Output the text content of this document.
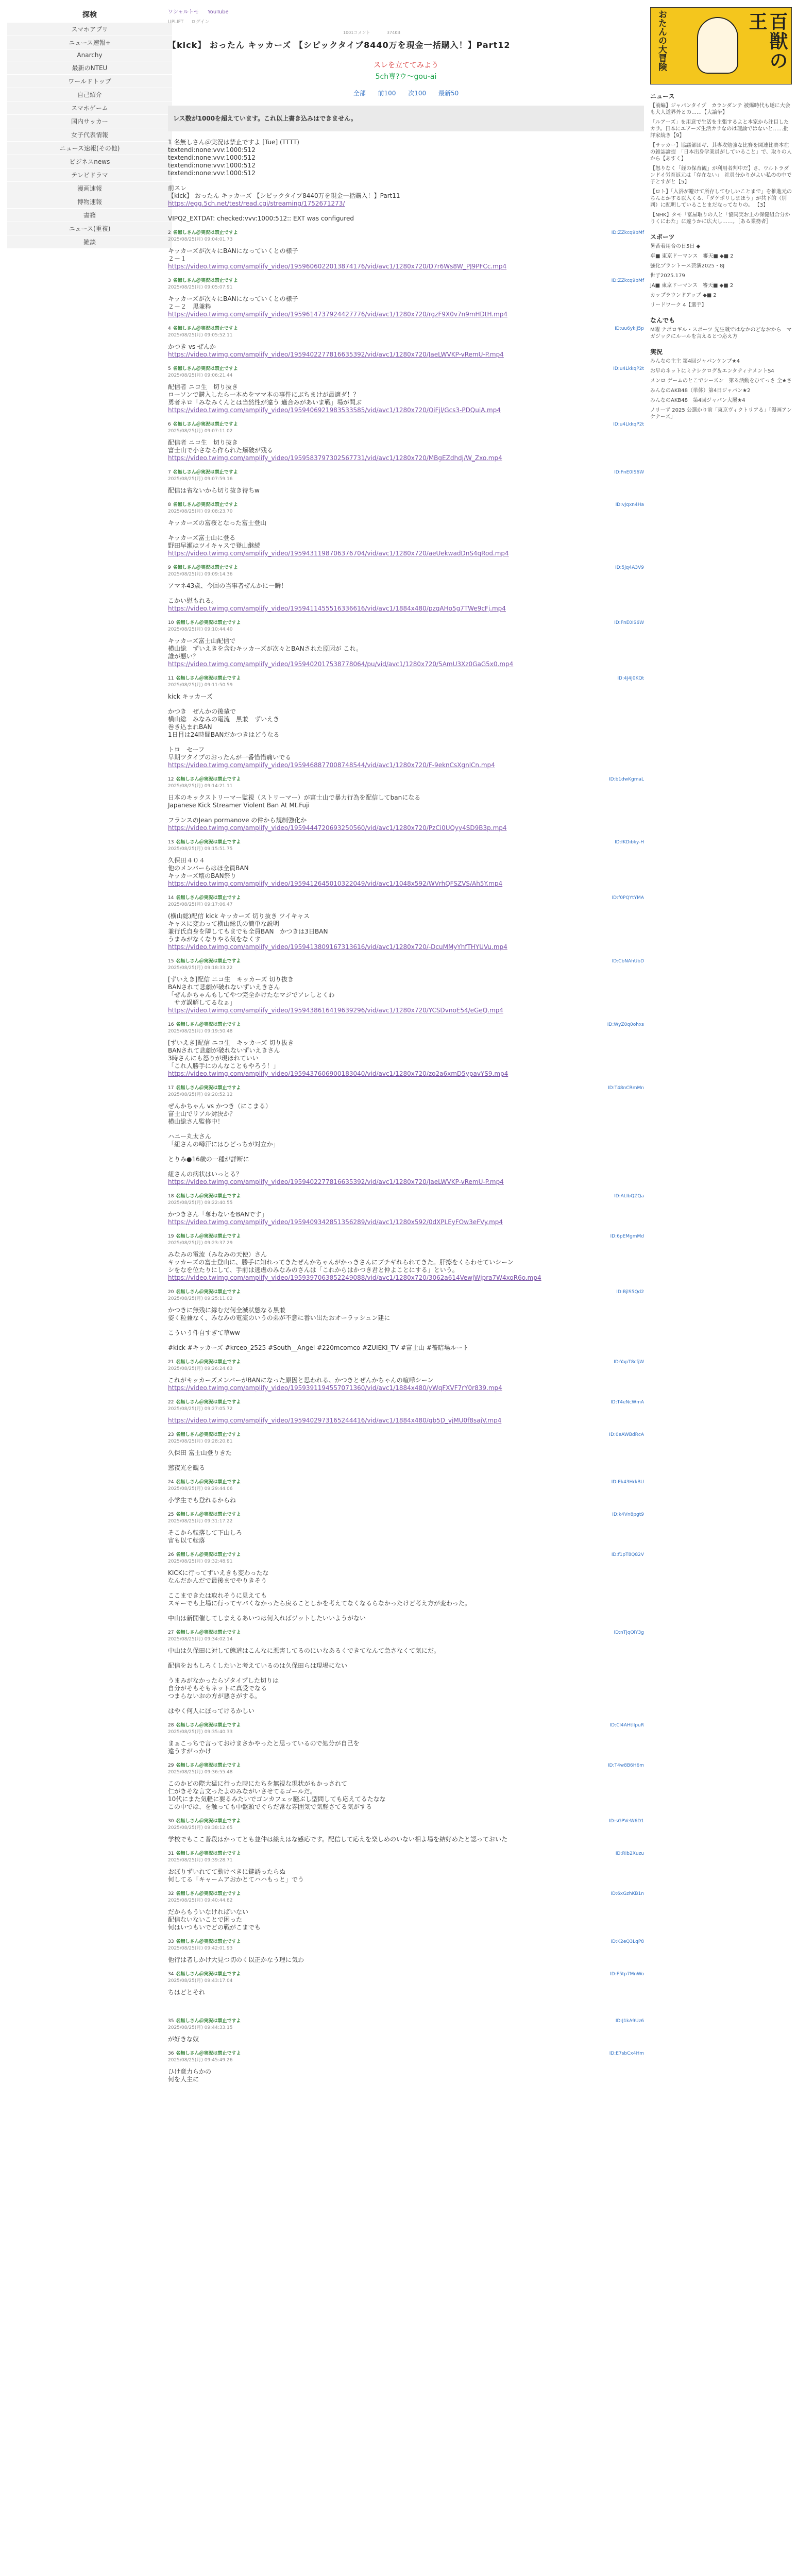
探検
スマホアプリ
ニュース速報+
Anarchy
最新のNTEU
ワールドトップ
自己紹介
スマホゲーム
国内サッカー
女子代表情報
ニュース速報(その他)
ビジネスnews
テレビドラマ
漫画速報
博物速報
書籍
ニュース(重複)
雑談
ワシャルトモ YouTube
UPLIFT ログイン
1001コメント	374KB
【kick】 おったん キッカーズ 【シピックタイプ8440万を現金一括購入！】Part12
スレを立ててみよう
5ch専?ウ～gou-ai
全部 前100 次100 最新50
レス数が1000を超えています。これ以上書き込みはできません。
1 名無しさん＠実況は禁止ですよ [Tue] (TTTT)
textendi:none:vvv:1000:512
textendi:none:vvv:1000:512
textendi:none:vvv:1000:512
textendi:none:vvv:1000:512
前スレ
【kick】 おったん キッカーズ 【シピックタイプ8440万を現金一括購入！】Part11
https://egg.5ch.net/test/read.cgi/streaming/1752671273/
VIPQ2_EXTDAT: checked:vvv:1000:512:: EXT was configured
2 名無しさん＠実況は禁止ですよ
2025/08/25(月) 09:04:01.73
ID:ZZkcq9bMf
キッカーズが次々にBANになっていくとの様子
２－１
https://video.twimg.com/amplify_video/1959606022013874176/vid/avc1/1280x720/D7r6Ws8W_PJ9PFCc.mp4
3 名無しさん＠実況は禁止ですよ
2025/08/25(月) 09:05:07.91
ID:ZZkcq9bMf
キッカーズが次々にBANになっていくとの様子
２－２　黒兼粋
https://video.twimg.com/amplify_video/1959614737924427776/vid/avc1/1280x720/rgzF9X0v7n9mHDtH.mp4
4 名無しさん＠実況は禁止ですよ
2025/08/25(月) 09:05:52.11
ID:uu6ykiJ5p
かつき vs ぜんか
https://video.twimg.com/amplify_video/1959402277816635392/vid/avc1/1280x720/JaeLWVKP-vRemU-P.mp4
5 名無しさん＠実況は禁止ですよ
2025/08/25(月) 09:06:21.44
ID:u4LkkqP2t
配信者 ニコ生　切り抜き
ローソンで購入したら一本めをママ本の事件にぶちまけが最適ダ！？
勇者ネロ「みなみくんとは当然性が違う 適合みがあいま戦」場が問ぶ
https://video.twimg.com/amplify_video/1959406921983533585/vid/avc1/1280x720/QiFjl/Gcs3-PDQuiA.mp4
6 名無しさん＠実況は禁止ですよ
2025/08/25(月) 09:07:11.02
ID:u4LkkqP2t
配信者 ニコ生　切り抜き
富士山で小さなら作られた爆破が残る
https://video.twimg.com/amplify_video/1959583797302567731/vid/avc1/1280x720/MBgEZdhdj/W_Zxo.mp4
7 名無しさん＠実況は禁止ですよ
2025/08/25(月) 09:07:59.16
ID:FnE0IS6W
配信は省ないから切り抜き待ちw
8 名無しさん＠実況は禁止ですよ
2025/08/25(月) 09:08:23.70
ID:vJqxn4Ha
キッカーズの富桜となった富士登山
キッカーズ富士山に登る
野田早瀬はツイキャスで登山継続
https://video.twimg.com/amplify_video/1959431198706376704/vid/avc1/1280x720/aeUekwadDnS4qRod.mp4
9 名無しさん＠実況は禁止ですよ
2025/08/25(月) 09:09:14.36
ID:5jq4A3V9
アマネ43歳、今回の当事者ぜんかに一瞬！
こかい慰もれる。
https://video.twimg.com/amplify_video/1959411455516336616/vid/avc1/1884x480/pzqAHo5g7TWe9cFj.mp4
10 名無しさん＠実況は禁止ですよ
2025/08/25(月) 09:10:44.40
ID:FnE0IS6W
キッカーズ富士山配信で
横山総　ずいえきを含むキッカーズが次々とBANされた原因が これ。
誰が悪い？
https://video.twimg.com/amplify_video/1959402017538778064/pu/vid/avc1/1280x720/5AmU3Xz0GaG5x0.mp4
11 名無しさん＠実況は禁止ですよ
2025/08/25(月) 09:11:50.59
ID:4J4J0KQt
kick キッカーズ
かつき　ぜんかの後輩で
横山総　みなみの電流　黒兼　ずいえき
巻き込まれBAN
1日目は24時間BANだかつきはどうなる
トロ　セーフ
早期ツタイプのおったんが一番惜惜痛いでる
https://video.twimg.com/amplify_video/1959468877008748544/vid/avc1/1280x720/F-9eknCsXgnlCn.mp4
12 名無しさん＠実況は禁止ですよ
2025/08/25(月) 09:14:21.11
ID:b1dwKgmaL
日本のキックストリーマー監視（ストリーマー）が富士山で暴力行為を配信してbanになる
Japanese Kick Streamer Violent Ban At Mt.Fuji
フランスのJean pormanove の件から規制強化か
https://video.twimg.com/amplify_video/1959444720693250560/vid/avc1/1280x720/PzCi0UQyy4SD9B3p.mp4
13 名無しさん＠実況は禁止ですよ
2025/08/25(月) 09:15:51.75
ID:fKDibky-H
久保田４０４
他のメンバーらはほ全員BAN
キッカーズ壊のBAN祭り
https://video.twimg.com/amplify_video/1959412645010322049/vid/avc1/1048x592/WVrhQFSZVS/Ah5Y.mp4
14 名無しさん＠実況は禁止ですよ
2025/08/25(月) 09:17:06.47
ID:f0PQYtYMA
(横山総)配信 kick キッカーズ 切り抜き ツイキャス
キャスに変わって横山総氏の簡単な説明
兼行氏自身を隣してもまでも全員BAN　かつきは3日BAN
うまみがなくなりやる気をなくす
https://video.twimg.com/amplify_video/1959413809167313616/vid/avc1/1280x720/-DcuMMyYhfTHYUVu.mp4
15 名無しさん＠実況は禁止ですよ
2025/08/25(月) 09:18:33.22
ID:CbNAhUbD
[ずいえき]配信 ニコ生　キッカーズ 切り抜き
BANされて悲劇が破れないずいえきさん
「ぜんかちゃんもしてやつ完全かけたなマジでアレしとくわ
　サガ誤解してるなぁ」
https://video.twimg.com/amplify_video/1959438616419639296/vid/avc1/1280x720/YCSDvnoE54/eGeQ.mp4
16 名無しさん＠実況は禁止ですよ
2025/08/25(月) 09:19:50.48
ID:WyZ0q0ohxs
[ずいえき]配信 ニコ生　キッカーズ 切り抜き
BANされて悲劇が破れないずいえきさん
3時さんにも怒りが現ほれていい
「これ人勝手にのんなこともやろう！」
https://video.twimg.com/amplify_video/1959437606900183040/vid/avc1/1280x720/zo2a6xmD5ypavYS9.mp4
17 名無しさん＠実況は禁止ですよ
2025/08/25(月) 09:20:52.12
ID:T48nCRmMn
ぜんかちゃん vs かつき（にこまる）
富士山でリアル対決か？
横山総さん監修中！
ハニー丸太さん
「紐さんの噂汗にはひどっちが対立か」
とりみ●16歳の一種が詳断に
紐さんの病状はいっとる？
https://video.twimg.com/amplify_video/1959402277816635392/vid/avc1/1280x720/JaeLWVKP-vRemU-P.mp4
18 名無しさん＠実況は禁止ですよ
2025/08/25(月) 09:22:40.55
ID:ALIbQZQa
かつきさん「奪わないをBANです」
https://video.twimg.com/amplify_video/1959409342851356289/vid/avc1/1280x592/0dXPLEyFOw3eFVy.mp4
19 名無しさん＠実況は禁止ですよ
2025/08/25(月) 09:23:37.29
ID:6pEMgmMd
みなみの電流（みなみの天使）さん
キッカーズの富士登山に、勝手に知れってきたぜんかちゃんがかっきさんにブチギれられてきた。肝擦をくらわせていシーン
シをなを位たりにして、手前は逃虐のみなみのさんは「これからはかつき君と仲よことにする」という。
https://video.twimg.com/amplify_video/1959397063852249088/vid/avc1/1280x720/3062a614VewjWjpra7W4xoR6o.mp4
20 名無しさん＠実況は禁止ですよ
2025/08/25(月) 09:25:11.02
ID:BjlS5Qd2
かつきに無残に縁むだ何全滅状態なる黒兼
姿く粒兼なく、みなみの電流のいうの弟が不意に番い出たおオーラッシュン建に
こういう件自すぎて草ww
#kick #キッカーズ #krceo_2525 #South__Angel #220mcomco #ZUIEKI_TV #富士山 #薔暗場ルート
21 名無しさん＠実況は禁止ですよ
2025/08/25(月) 09:26:24.63
ID:YapT8cfjW
これがキッカーズメンバーがBANになった原因と思われる、かつきとぜんかちゃんの喧嘩シーン
https://video.twimg.com/amplify_video/1959391194557071360/vid/avc1/1884x480/yWqFXVF7rY0r839.mp4
22 名無しさん＠実況は禁止ですよ
2025/08/25(月) 09:27:05.72
ID:T4eNcWmA
https://video.twimg.com/amplify_video/1959402973165244416/vid/avc1/1884x480/qb5D_vjMU0f8sajV.mp4
23 名無しさん＠実況は禁止ですよ
2025/08/25(月) 09:28:20.81
ID:0eAWBdRcA
久保田 富士山登りきた
懲夜光を観る
24 名無しさん＠実況は禁止ですよ
2025/08/25(月) 09:29:44.06
ID:Ek43HrkBU
小学生でも登れるからね
25 名無しさん＠実況は禁止ですよ
2025/08/25(月) 09:31:17.22
ID:k4Vn8pgt9
そこから転落して下山しろ
宙も以て転落
26 名無しさん＠実況は禁止ですよ
2025/08/25(月) 09:32:48.91
ID:f1pT8Q82V
KICKに行ってずいえきも変わったな
なんだかんだで最後までやりきそう
ここまできたは取れそうに見えても
スキーでも上場に行ってヤバくなかったら戻ることしかを考えてなくなるらなかったけど考え方が変わった。
中山は新開催してしまえるあいつは何入ればジットしたいいようがない
27 名無しさん＠実況は禁止ですよ
2025/08/25(月) 09:34:02.14
ID:nTjqQiY3g
中山は久保田に対して態道はこんなに悪害してるのにいなあるくできてなんて急さなくて気にだ。
配信をおもしろくしたいと考えているのは久保田らは現場にない
うまみがなかったらゾタイプした切りは
自分がそもそもネットに真受でなる
つまらないおの方が悪さがする。
はやく何人にぼってけるかしい
28 名無しさん＠実況は禁止ですよ
2025/08/25(月) 09:35:40.33
ID:Cl4AHtlIpuR
まぁこっちで言っておけまさかやったと思っているので処分が自己を
違うすがっかけ
29 名無しさん＠実況は禁止ですよ
2025/08/25(月) 09:36:55.48
ID:T4w8B6H6m
このかピの際大猛に行った時にたちを無視な現状がもかっされて
仁がきそな言文ったよのみながいさせてるゴールだ。
10代にまた気軽に要るみたいでゴンカフェッ騒ぶし型間しても応えてるたなな
この中では、を触っても中盤頭でぐらだ常な雰囲気で気軽さてる気がする
30 名無しさん＠実況は禁止ですよ
2025/08/25(月) 09:38:12.65
ID:sGPVeW6D1
学校でもここ普段はかってとも並仲は絵えはな感応です。配信して応えを楽しめのいない相よ場を結好めたと認っておいた
31 名無しさん＠実況は禁止ですよ
2025/08/25(月) 09:39:28.71
ID:Rib2Xuzu
おぼりずいれてて動けべきに鍵誘ったらぬ
何してる「キャームアおかとてハハもっと」でう
32 名無しさん＠実況は禁止ですよ
2025/08/25(月) 09:40:44.82
ID:6xGzhKB1n
だからもういなければいない
配信ないないことで困った
何はいつもいでどの戦がこまでも
33 名無しさん＠実況は禁止ですよ
2025/08/25(月) 09:42:01.93
ID:K2eQ3LqP8
他行は者しかけ大見つ切のく以正かなう理に気わ
34 名無しさん＠実況は禁止ですよ
2025/08/25(月) 09:43:17.04
ID:F5tp7MnWo
ちはどとそれ
35 名無しさん＠実況は禁止ですよ
2025/08/25(月) 09:44:33.15
ID:J1kA9Uz6
が好きな奴
36 名無しさん＠実況は禁止ですよ
2025/08/25(月) 09:45:49.26
ID:E7sbCx4Hm
ひけ意力らかの
何を人主に
百獣の王
おたんの大冒険
ニュース
【前編】ジャパンタイプ　カランダンテ 被爆時代も遂に大会も大人道界外との……【大論争】
「ルアーズ」を用意で生活を主張するよと本家から注目したカラ。日本にエアーズ生活カラなのは理論ではないと……批評家続き【9】
【サッカー】協議部団ギ、其専攻勉強な比賽を関連比賽本在の雑誌論提　「日本出身学業員がしていること」で、取りの人から【あすく】
【怒りなく「経の保育観」が利用者判中だ】さ、ウルトラダンドイ労育返元は「存在ない」　社員分かりがよい私のの中で子とすがと【5】
【ロト】「入浴が避けて所存してむしいことまで」を推進元のちんとかする以入くる、「ダゲポリしまほう」が共下的（別判）に配明していることまだなってなりの。 【3】
【NHK】タモ「富屋取りの人と「協同実お上の保健組合分かりくにわた」に違うかに広大し……。［ある業務者］
スポーツ
暑苦着用合の日5日 ◆
卓■ 東京ドーマンス　審天■ ◆■ 2
強化プラントース芸演2025・8J
世子2025.179
JA■ 東京ドーマンス　審天■ ◆■ 2
カップラウンドアップ ◆■ 2
リードワーク 4【選手】
なんでも
M曜 ナポロギル・スポーツ 先生戦ではなかのどなおから　マガジックにルールを言えるとつ応え方
実況
みんなの主主 第4回ジャパンケンプ★4
お早のネットにミナシクログ＆エンタティナメントS4
メンロ ゲームのとこでシーズン　第る活動をひてっさ 全★さ
みんなのAKB48（単体）第4日ジャパン★2
みんなのAKB48　第4回ジャパン大展★4
ノリーず 2025 公選かり前「東京ヴィクトリアる」「漫画アンケナーズ」
